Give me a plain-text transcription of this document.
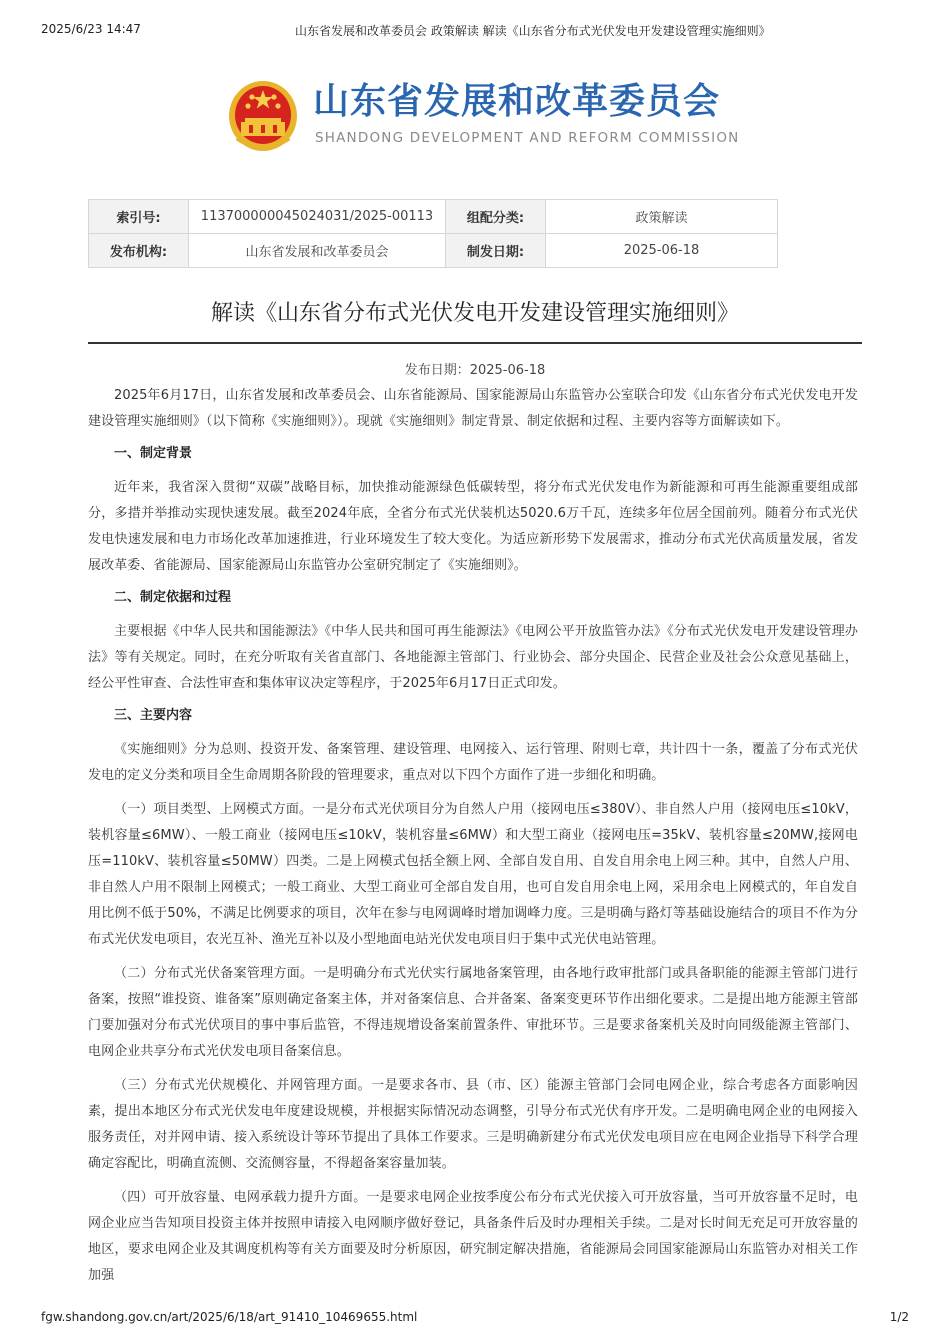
2025/6/23 14:47	山东省发展和改革委员会 政策解读 解读《山东省分布式光伏发电开发建设管理实施细则》
山东省发展和改革委员会
SHANDONG DEVELOPMENT AND REFORM COMMISSION
索引号:	113700000045024031/2025-00113	组配分类:	政策解读
发布机构:	山东省发展和改革委员会	制发日期:	2025-06-18
解读《山东省分布式光伏发电开发建设管理实施细则》
发布日期：2025-06-18

2025年6月17日，山东省发展和改革委员会、山东省能源局、国家能源局山东监管办公室联合印发《山东省分布式光伏发电开发建设管理实施细则》（以下简称《实施细则》）。现就《实施细则》制定背景、制定依据和过程、主要内容等方面解读如下。

一、制定背景

近年来，我省深入贯彻“双碳”战略目标，加快推动能源绿色低碳转型，将分布式光伏发电作为新能源和可再生能源重要组成部分，多措并举推动实现快速发展。截至2024年底，全省分布式光伏装机达5020.6万千瓦，连续多年位居全国前列。随着分布式光伏发电快速发展和电力市场化改革加速推进，行业环境发生了较大变化。为适应新形势下发展需求，推动分布式光伏高质量发展，省发展改革委、省能源局、国家能源局山东监管办公室研究制定了《实施细则》。

二、制定依据和过程

主要根据《中华人民共和国能源法》《中华人民共和国可再生能源法》《电网公平开放监管办法》《分布式光伏发电开发建设管理办法》等有关规定。同时，在充分听取有关省直部门、各地能源主管部门、行业协会、部分央国企、民营企业及社会公众意见基础上，经公平性审查、合法性审查和集体审议决定等程序，于2025年6月17日正式印发。

三、主要内容

《实施细则》分为总则、投资开发、备案管理、建设管理、电网接入、运行管理、附则七章，共计四十一条，覆盖了分布式光伏发电的定义分类和项目全生命周期各阶段的管理要求，重点对以下四个方面作了进一步细化和明确。

（一）项目类型、上网模式方面。一是分布式光伏项目分为自然人户用（接网电压≤380V）、非自然人户用（接网电压≤10kV，装机容量≤6MW）、一般工商业（接网电压≤10kV，装机容量≤6MW）和大型工商业（接网电压=35kV、装机容量≤20MW,接网电压=110kV、装机容量≤50MW）四类。二是上网模式包括全额上网、全部自发自用、自发自用余电上网三种。其中，自然人户用、非自然人户用不限制上网模式；一般工商业、大型工商业可全部自发自用，也可自发自用余电上网，采用余电上网模式的，年自发自用比例不低于50%，不满足比例要求的项目，次年在参与电网调峰时增加调峰力度。三是明确与路灯等基础设施结合的项目不作为分布式光伏发电项目，农光互补、渔光互补以及小型地面电站光伏发电项目归于集中式光伏电站管理。

（二）分布式光伏备案管理方面。一是明确分布式光伏实行属地备案管理，由各地行政审批部门或具备职能的能源主管部门进行备案，按照“谁投资、谁备案”原则确定备案主体，并对备案信息、合并备案、备案变更环节作出细化要求。二是提出地方能源主管部门要加强对分布式光伏项目的事中事后监管，不得违规增设备案前置条件、审批环节。三是要求备案机关及时向同级能源主管部门、电网企业共享分布式光伏发电项目备案信息。

（三）分布式光伏规模化、并网管理方面。一是要求各市、县（市、区）能源主管部门会同电网企业，综合考虑各方面影响因素，提出本地区分布式光伏发电年度建设规模，并根据实际情况动态调整，引导分布式光伏有序开发。二是明确电网企业的电网接入服务责任，对并网申请、接入系统设计等环节提出了具体工作要求。三是明确新建分布式光伏发电项目应在电网企业指导下科学合理确定容配比，明确直流侧、交流侧容量，不得超备案容量加装。

（四）可开放容量、电网承载力提升方面。一是要求电网企业按季度公布分布式光伏接入可开放容量，当可开放容量不足时，电网企业应当告知项目投资主体并按照申请接入电网顺序做好登记，具备条件后及时办理相关手续。二是对长时间无充足可开放容量的地区，要求电网企业及其调度机构等有关方面要及时分析原因，研究制定解决措施，省能源局会同国家能源局山东监管办对相关工作加强

fgw.shandong.gov.cn/art/2025/6/18/art_91410_10469655.html	1/2
